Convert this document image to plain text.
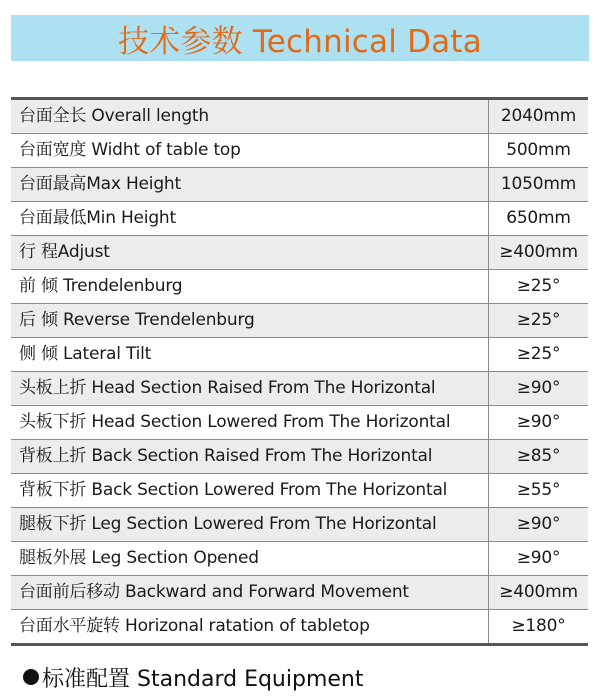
技术参数 Technical Data
台面全长 Overall length	2040mm
台面宽度 Widht of table top	500mm
台面最高Max Height	1050mm
台面最低Min Height	650mm
行 程Adjust	≥400mm
前 倾 Trendelenburg	≥25°
后 倾 Reverse Trendelenburg	≥25°
侧 倾 Lateral Tilt	≥25°
头板上折 Head Section Raised From The Horizontal	≥90°
头板下折 Head Section Lowered From The Horizontal	≥90°
背板上折 Back Section Raised From The Horizontal	≥85°
背板下折 Back Section Lowered From The Horizontal	≥55°
腿板下折 Leg Section Lowered From The Horizontal	≥90°
腿板外展 Leg Section Opened	≥90°
台面前后移动 Backward and Forward Movement	≥400mm
台面水平旋转 Horizonal ratation of tabletop	≥180°
标准配置 Standard Equipment
